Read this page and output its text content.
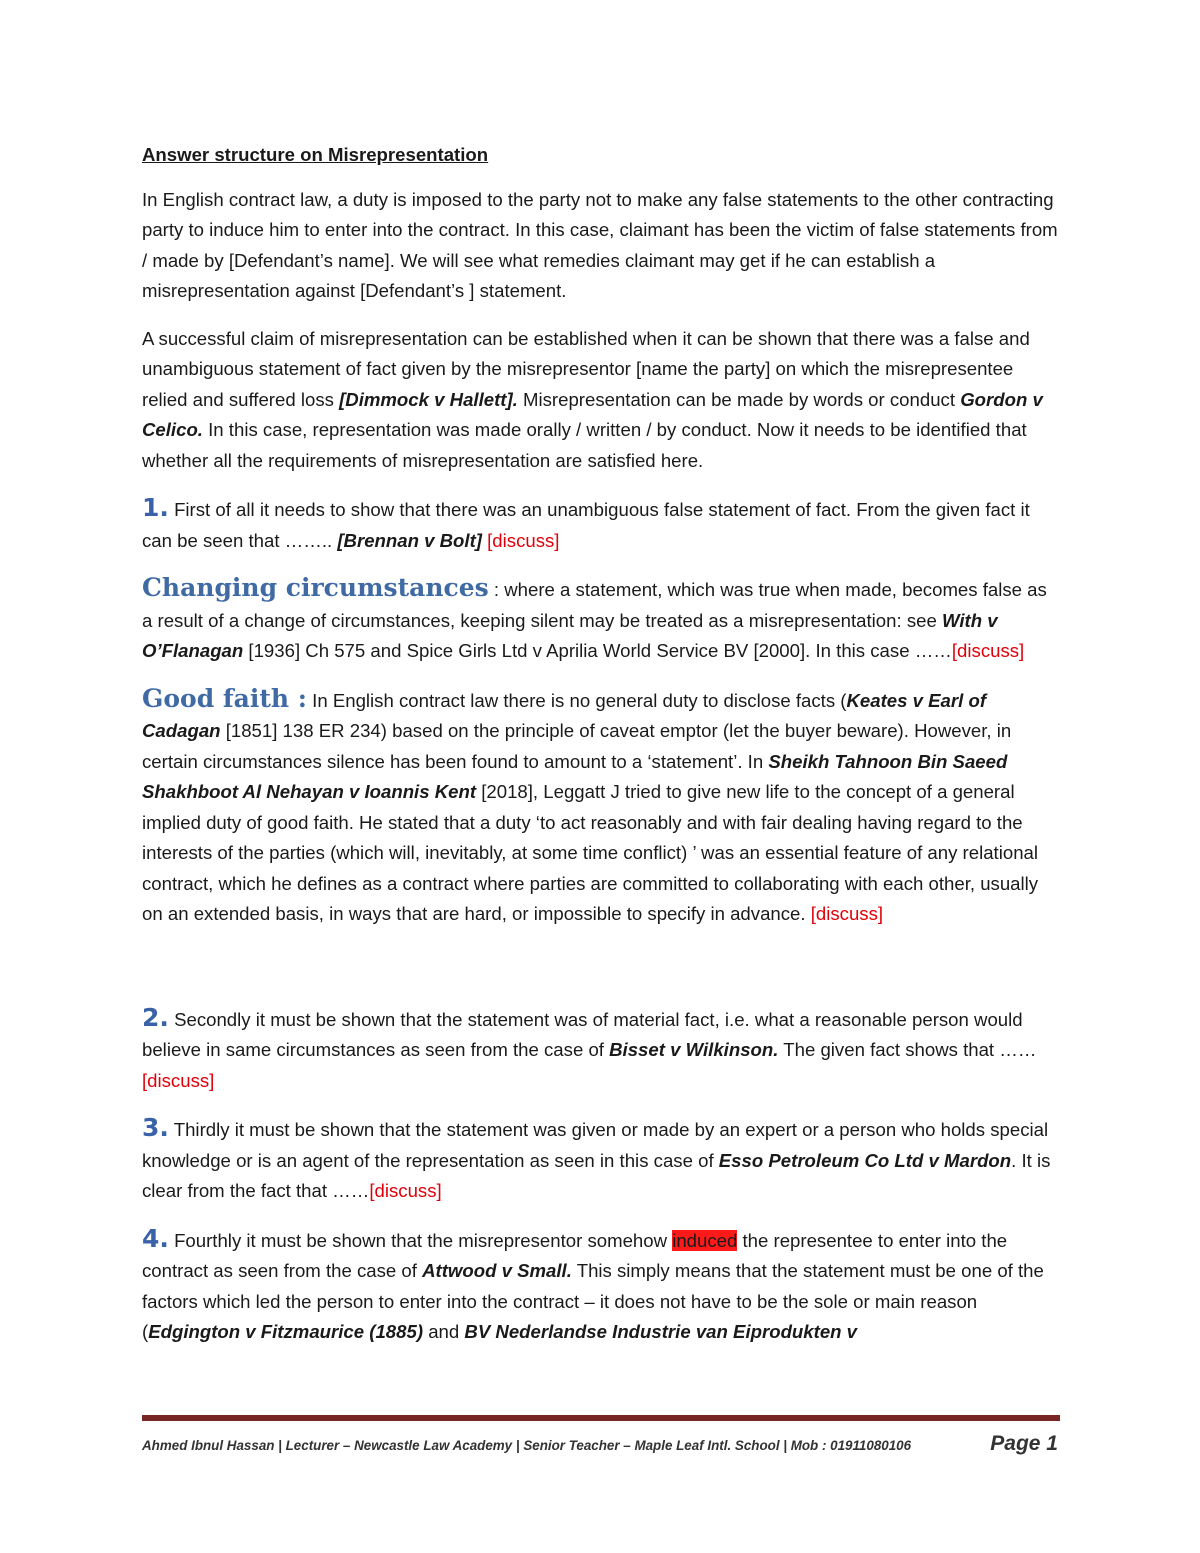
Answer structure on Misrepresentation

In English contract law, a duty is imposed to the party not to make any false statements to the other contracting party to induce him to enter into the contract. In this case, claimant has been the victim of false statements from / made by [Defendant’s name]. We will see what remedies claimant may get if he can establish a misrepresentation against [Defendant’s ] statement.

A successful claim of misrepresentation can be established when it can be shown that there was a false and unambiguous statement of fact given by the misrepresentor [name the party] on which the misrepresentee relied and suffered loss [Dimmock v Hallett]. Misrepresentation can be made by words or conduct Gordon v Celico. In this case, representation was made orally / written / by conduct. Now it needs to be identified that whether all the requirements of misrepresentation are satisfied here.

1. First of all it needs to show that there was an unambiguous false statement of fact. From the given fact it can be seen that …….. [Brennan v Bolt] [discuss]

Changing circumstances : where a statement, which was true when made, becomes false as a result of a change of circumstances, keeping silent may be treated as a misrepresentation: see With v O’Flanagan [1936] Ch 575 and Spice Girls Ltd v Aprilia World Service BV [2000]. In this case ……[discuss]

Good faith : In English contract law there is no general duty to disclose facts (Keates v Earl of Cadagan [1851] 138 ER 234) based on the principle of caveat emptor (let the buyer beware). However, in certain circumstances silence has been found to amount to a ‘statement’. In Sheikh Tahnoon Bin Saeed Shakhboot Al Nehayan v Ioannis Kent [2018], Leggatt J tried to give new life to the concept of a general implied duty of good faith. He stated that a duty ‘to act reasonably and with fair dealing having regard to the interests of the parties (which will, inevitably, at some time conflict) ’ was an essential feature of any relational contract, which he defines as a contract where parties are committed to collaborating with each other, usually on an extended basis, in ways that are hard, or impossible to specify in advance. [discuss]

2. Secondly it must be shown that the statement was of material fact, i.e. what a reasonable person would believe in same circumstances as seen from the case of Bisset v Wilkinson. The given fact shows that …… [discuss]

3. Thirdly it must be shown that the statement was given or made by an expert or a person who holds special knowledge or is an agent of the representation as seen in this case of Esso Petroleum Co Ltd v Mardon. It is clear from the fact that ……[discuss]

4. Fourthly it must be shown that the misrepresentor somehow induced the representee to enter into the contract as seen from the case of Attwood v Small. This simply means that the statement must be one of the factors which led the person to enter into the contract – it does not have to be the sole or main reason (Edgington v Fitzmaurice (1885) and BV Nederlandse Industrie van Eiprodukten v

Ahmed Ibnul Hassan | Lecturer – Newcastle Law Academy | Senior Teacher – Maple Leaf Intl. School | Mob : 01911080106	Page 1
